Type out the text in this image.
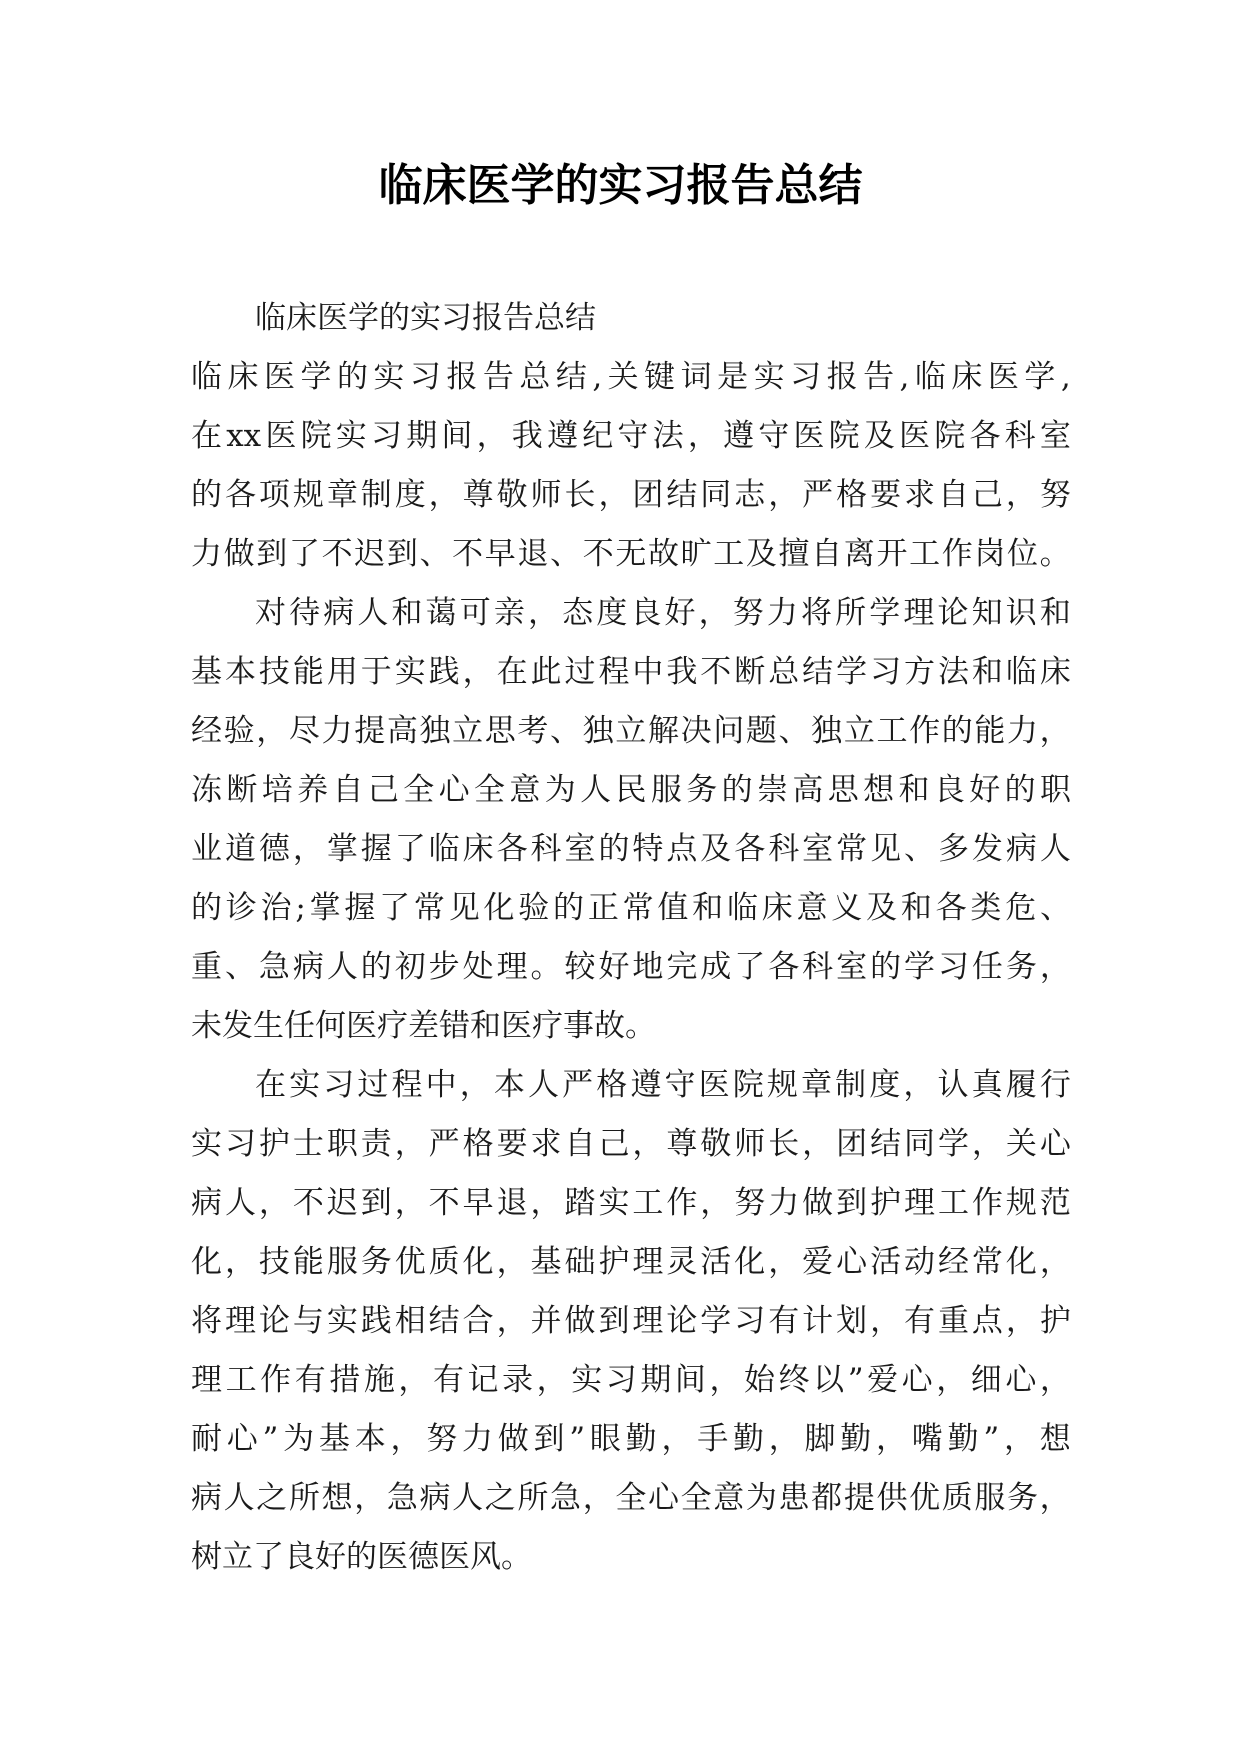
临床医学的实习报告总结
临床医学的实习报告总结
临 床 医 学 的 实 习 报 告 总 结 , 关 键 词 是 实 习 报 告 , 临 床 医 学 ,
在 xx 医 院 实 习 期 间 ， 我 遵 纪 守 法 ， 遵 守 医 院 及 医 院 各 科 室
的 各 项 规 章 制 度 ， 尊 敬 师 长 ， 团 结 同 志 ， 严 格 要 求 自 己 ， 努
力 做 到 了 不 迟 到 、 不 早 退 、 不 无 故 旷 工 及 擅 自 离 开 工 作 岗 位 。
对 待 病 人 和 蔼 可 亲 ， 态 度 良 好 ， 努 力 将 所 学 理 论 知 识 和
基 本 技 能 用 于 实 践 ， 在 此 过 程 中 我 不 断 总 结 学 习 方 法 和 临 床
经 验 ， 尽 力 提 高 独 立 思 考 、 独 立 解 决 问 题 、 独 立 工 作 的 能 力 ，
冻 断 培 养 自 己 全 心 全 意 为 人 民 服 务 的 崇 高 思 想 和 良 好 的 职
业 道 德 ， 掌 握 了 临 床 各 科 室 的 特 点 及 各 科 室 常 见 、 多 发 病 人
的 诊 治 ; 掌 握 了 常 见 化 验 的 正 常 值 和 临 床 意 义 及 和 各 类 危 、
重 、 急 病 人 的 初 步 处 理 。 较 好 地 完 成 了 各 科 室 的 学 习 任 务 ，
未发生任何医疗差错和医疗事故。
在 实 习 过 程 中 ， 本 人 严 格 遵 守 医 院 规 章 制 度 ， 认 真 履 行
实 习 护 士 职 责 ， 严 格 要 求 自 己 ， 尊 敬 师 长 ， 团 结 同 学 ， 关 心
病 人 ， 不 迟 到 ， 不 早 退 ， 踏 实 工 作 ， 努 力 做 到 护 理 工 作 规 范
化 ， 技 能 服 务 优 质 化 ， 基 础 护 理 灵 活 化 ， 爱 心 活 动 经 常 化 ，
将 理 论 与 实 践 相 结 合 ， 并 做 到 理 论 学 习 有 计 划 ， 有 重 点 ， 护
理 工 作 有 措 施 ， 有 记 录 ， 实 习 期 间 ， 始 终 以 ” 爱 心 ， 细 心 ，
耐 心 ” 为 基 本 ， 努 力 做 到 ” 眼 勤 ， 手 勤 ， 脚 勤 ， 嘴 勤 ” ， 想
病 人 之 所 想 ， 急 病 人 之 所 急 ， 全 心 全 意 为 患 都 提 供 优 质 服 务 ，
树立了良好的医德医风。
